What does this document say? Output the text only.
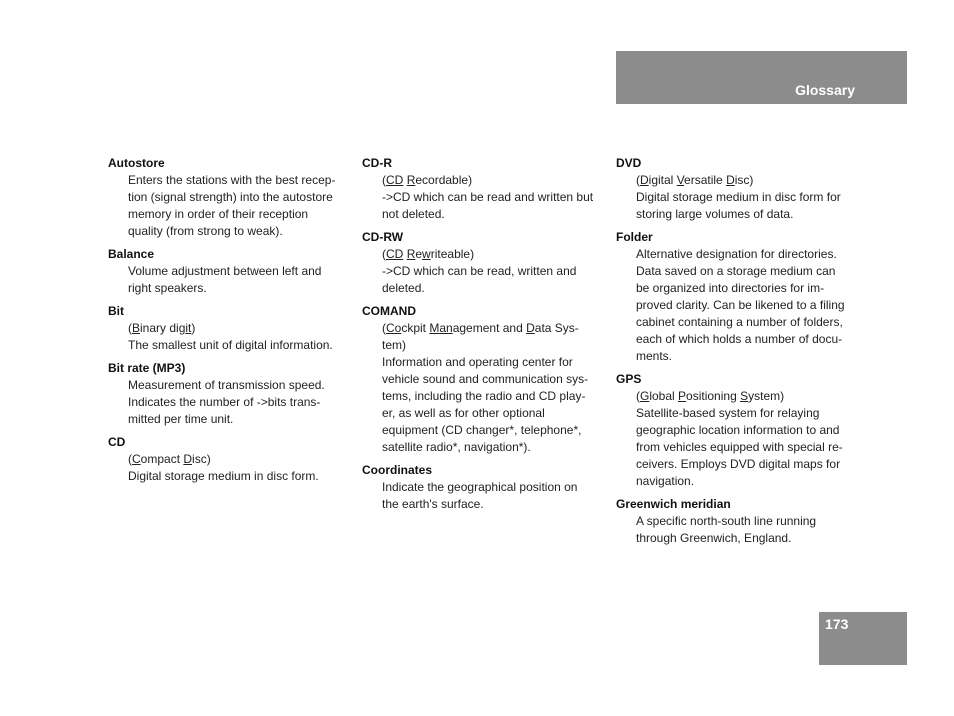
Glossary
Autostore
Enters the stations with the best recep-
tion (signal strength) into the autostore
memory in order of their reception
quality (from strong to weak).
Balance
Volume adjustment between left and
right speakers.
Bit
(Binary digit)
The smallest unit of digital information.
Bit rate (MP3)
Measurement of transmission speed.
Indicates the number of ->bits trans-
mitted per time unit.
CD
(Compact Disc)
Digital storage medium in disc form.
CD-R
(CD Recordable)
->CD which can be read and written but
not deleted.
CD-RW
(CD Rewriteable)
->CD which can be read, written and
deleted.
COMAND
(Cockpit Management and Data Sys-
tem)
Information and operating center for
vehicle sound and communication sys-
tems, including the radio and CD play-
er, as well as for other optional
equipment (CD changer*, telephone*,
satellite radio*, navigation*).
Coordinates
Indicate the geographical position on
the earth's surface.
DVD
(Digital Versatile Disc)
Digital storage medium in disc form for
storing large volumes of data.
Folder
Alternative designation for directories.
Data saved on a storage medium can
be organized into directories for im-
proved clarity. Can be likened to a filing
cabinet containing a number of folders,
each of which holds a number of docu-
ments.
GPS
(Global Positioning System)
Satellite-based system for relaying
geographic location information to and
from vehicles equipped with special re-
ceivers. Employs DVD digital maps for
navigation.
Greenwich meridian
A specific north-south line running
through Greenwich, England.
173
